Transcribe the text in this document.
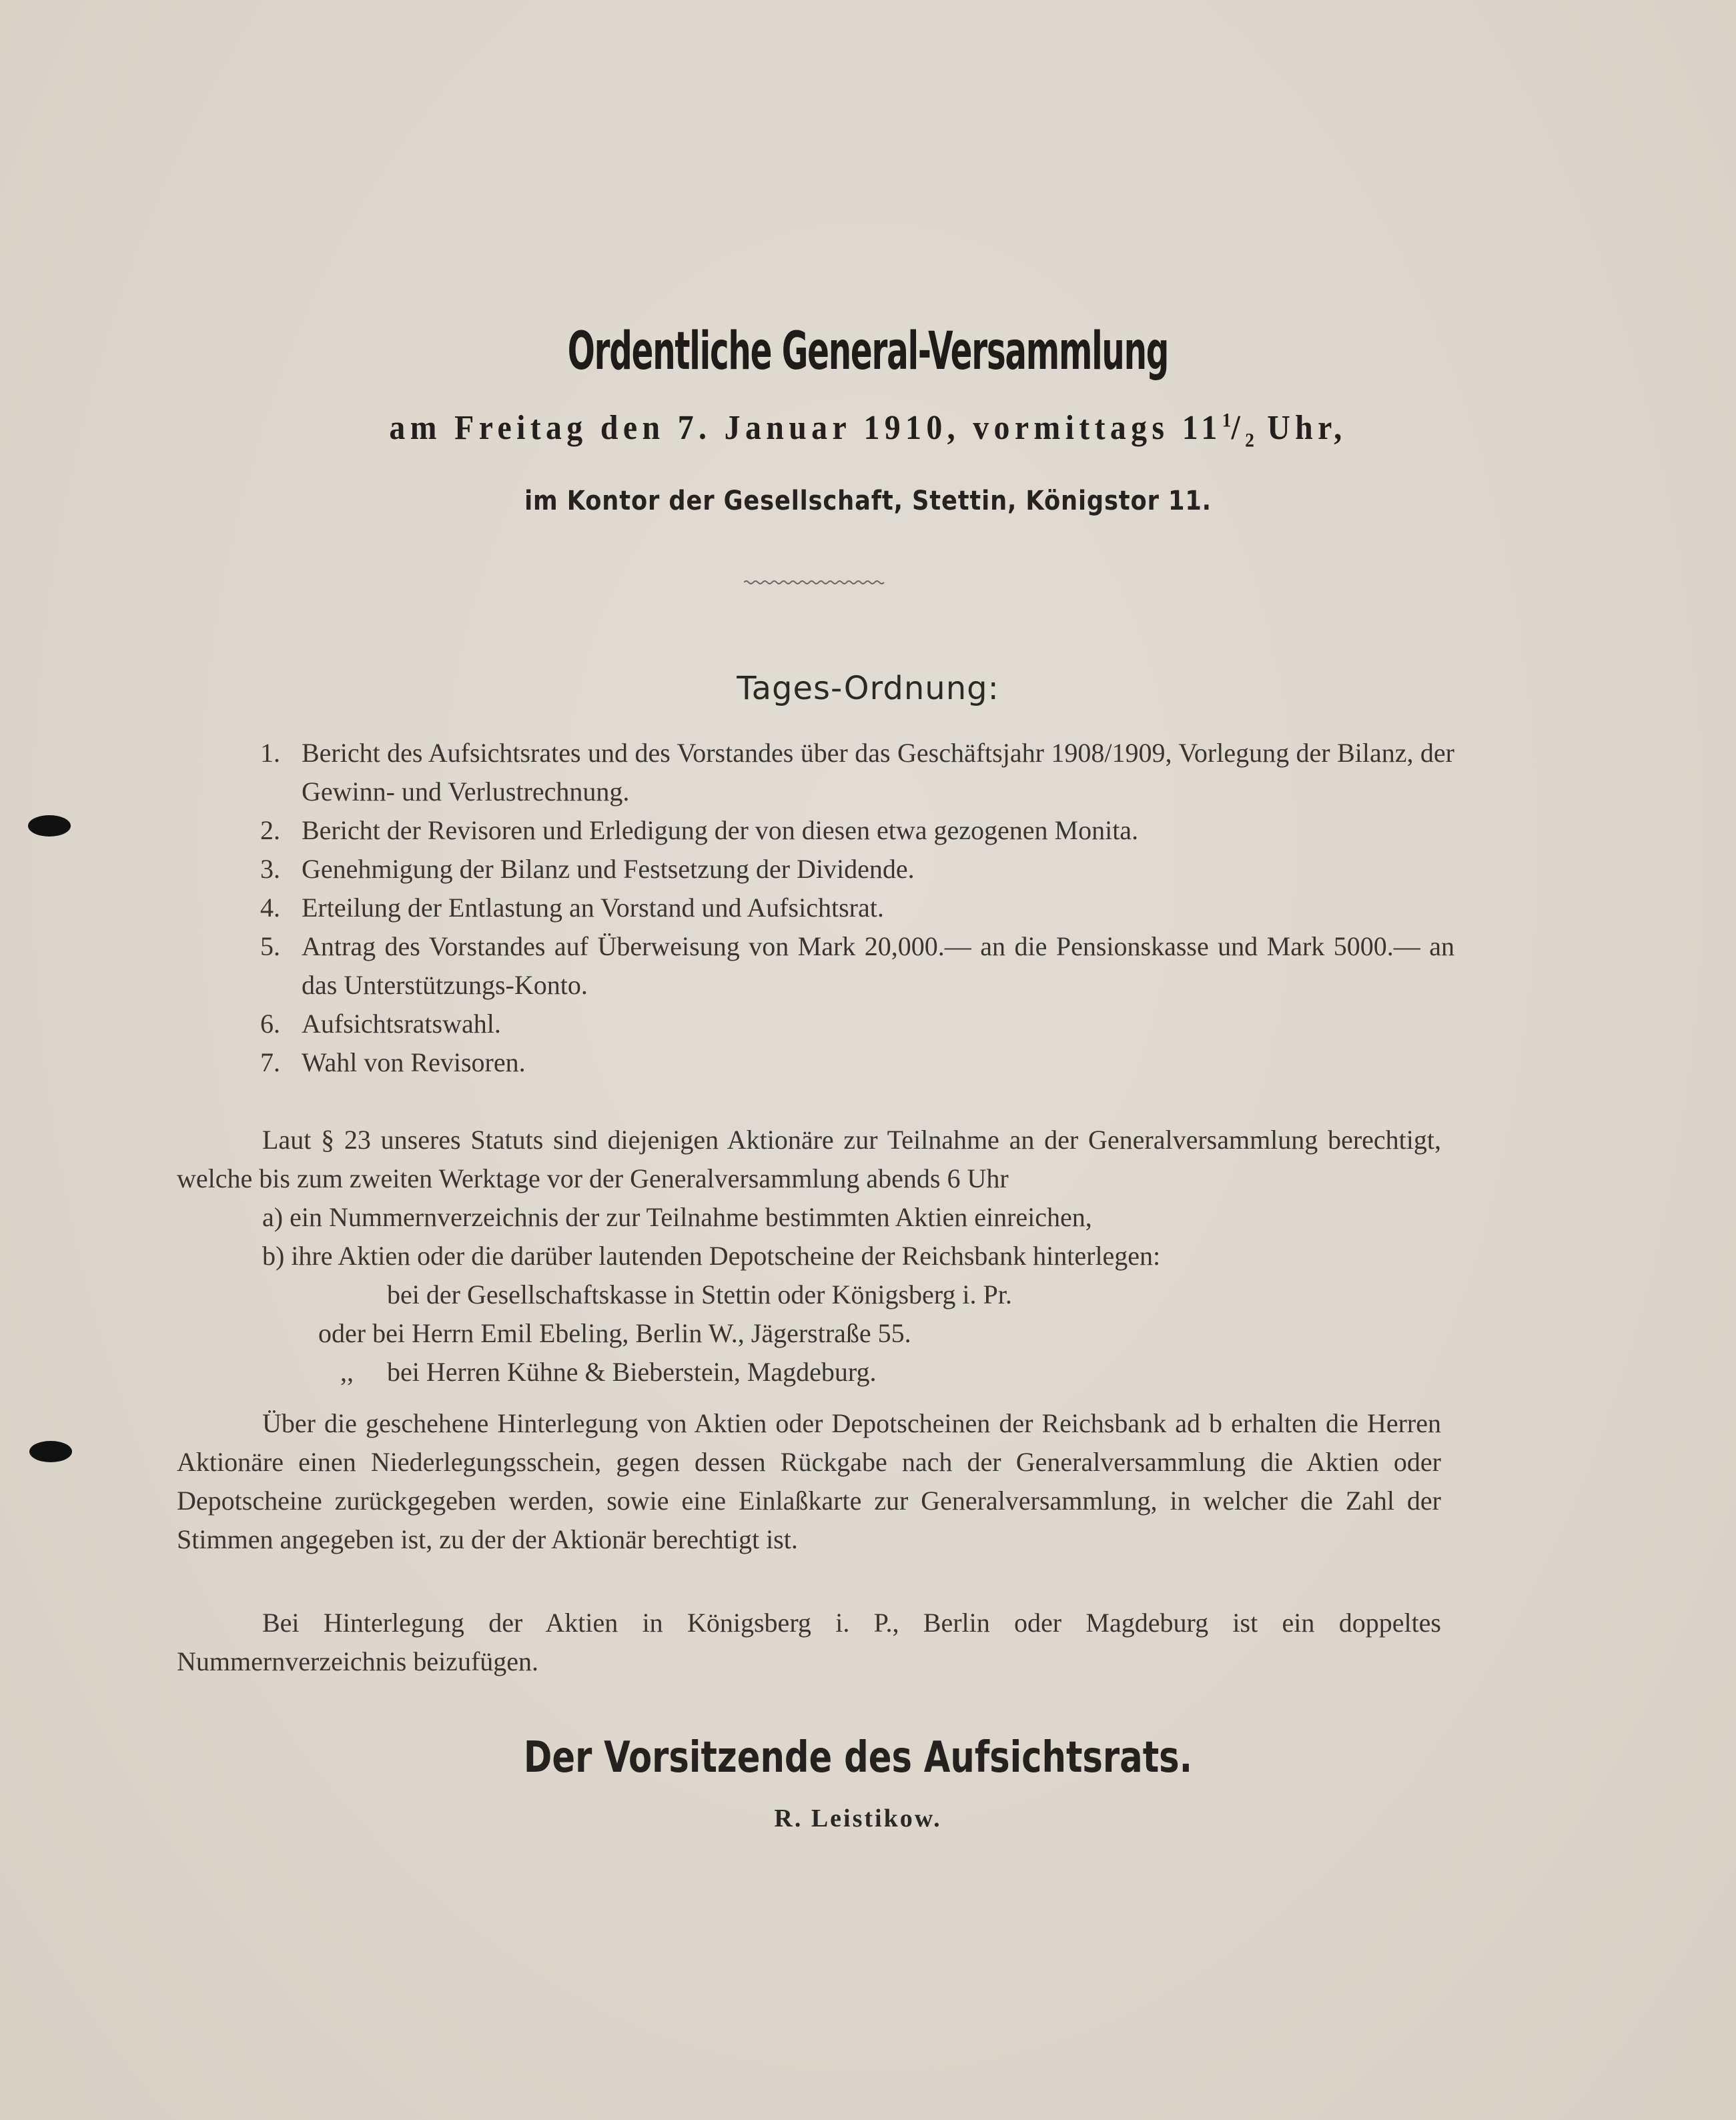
Ordentliche General-Versammlung
am Freitag den 7. Januar 1910, vormittags $11^1/_2$ Uhr,
im Kontor der Gesellschaft, Stettin, Königstor 11.
Tages-Ordnung:
1. Bericht des Aufsichtsrates und des Vorstandes über das Geschäftsjahr 1908/1909, Vorlegung der Bilanz, der Gewinn- und Verlustrechnung.
2. Bericht der Revisoren und Erledigung der von diesen etwa gezogenen Monita.
3. Genehmigung der Bilanz und Festsetzung der Dividende.
4. Erteilung der Entlastung an Vorstand und Aufsichtsrat.
5. Antrag des Vorstandes auf Überweisung von Mark 20,000.— an die Pensionskasse und Mark 5000.— an das Unterstützungs-Konto.
6. Aufsichtsratswahl.
7. Wahl von Revisoren.
Laut § 23 unseres Statuts sind diejenigen Aktionäre zur Teilnahme an der Generalversammlung berechtigt, welche bis zum zweiten Werktage vor der Generalversammlung abends 6 Uhr
a) ein Nummernverzeichnis der zur Teilnahme bestimmten Aktien einreichen,
b) ihre Aktien oder die darüber lautenden Depotscheine der Reichsbank hinterlegen:
bei der Gesellschaftskasse in Stettin oder Königsberg i. Pr.
oder bei Herrn Emil Ebeling, Berlin W., Jägerstraße 55.
,, bei Herren Kühne & Bieberstein, Magdeburg.
Über die geschehene Hinterlegung von Aktien oder Depotscheinen der Reichsbank ad b erhalten die Herren Aktionäre einen Niederlegungsschein, gegen dessen Rückgabe nach der Generalversammlung die Aktien oder Depotscheine zurückgegeben werden, sowie eine Einlaßkarte zur Generalversammlung, in welcher die Zahl der Stimmen angegeben ist, zu der der Aktionär berechtigt ist.
Bei Hinterlegung der Aktien in Königsberg i. P., Berlin oder Magdeburg ist ein doppeltes Nummernverzeichnis beizufügen.
Der Vorsitzende des Aufsichtsrats.
R. Leistikow.
